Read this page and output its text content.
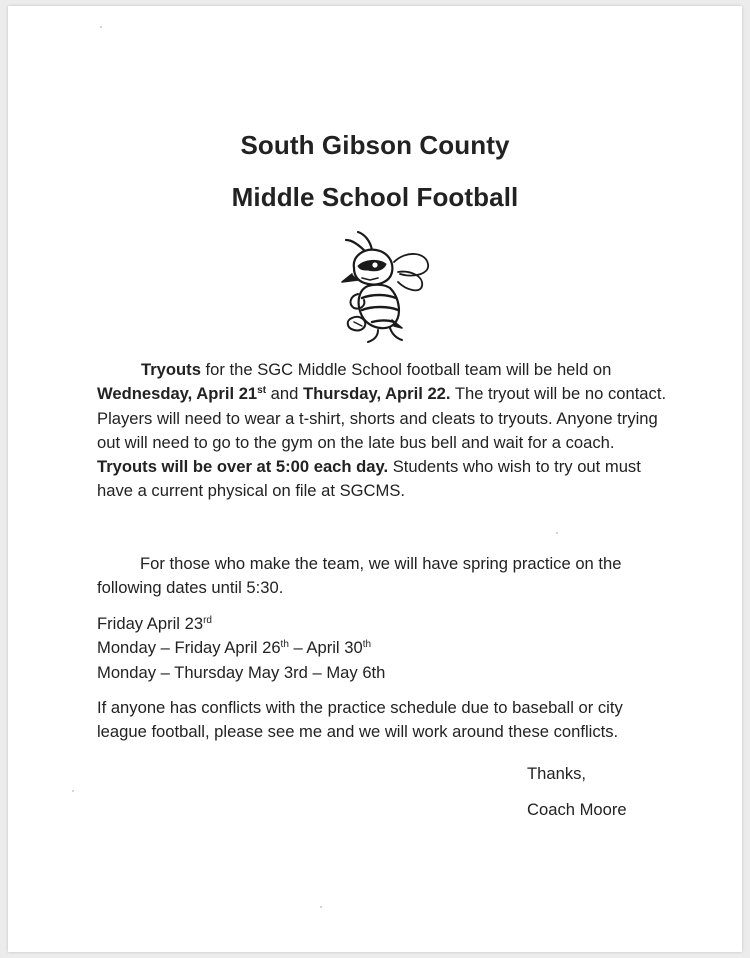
South Gibson County
Middle School Football
Tryouts for the SGC Middle School football team will be held on
Wednesday, April 21st and Thursday, April 22. The tryout will be no contact. Players will need to wear a t-shirt, shorts and cleats to tryouts. Anyone trying out will need to go to the gym on the late bus bell and wait for a coach. Tryouts will be over at 5:00 each day. Students who wish to try out must have a current physical on file at SGCMS.
For those who make the team, we will have spring practice on the following dates until 5:30.
Friday April 23rd
Monday – Friday April 26th – April 30th
Monday – Thursday May 3rd – May 6th
If anyone has conflicts with the practice schedule due to baseball or city league football, please see me and we will work around these conflicts.
Thanks,
Coach Moore
